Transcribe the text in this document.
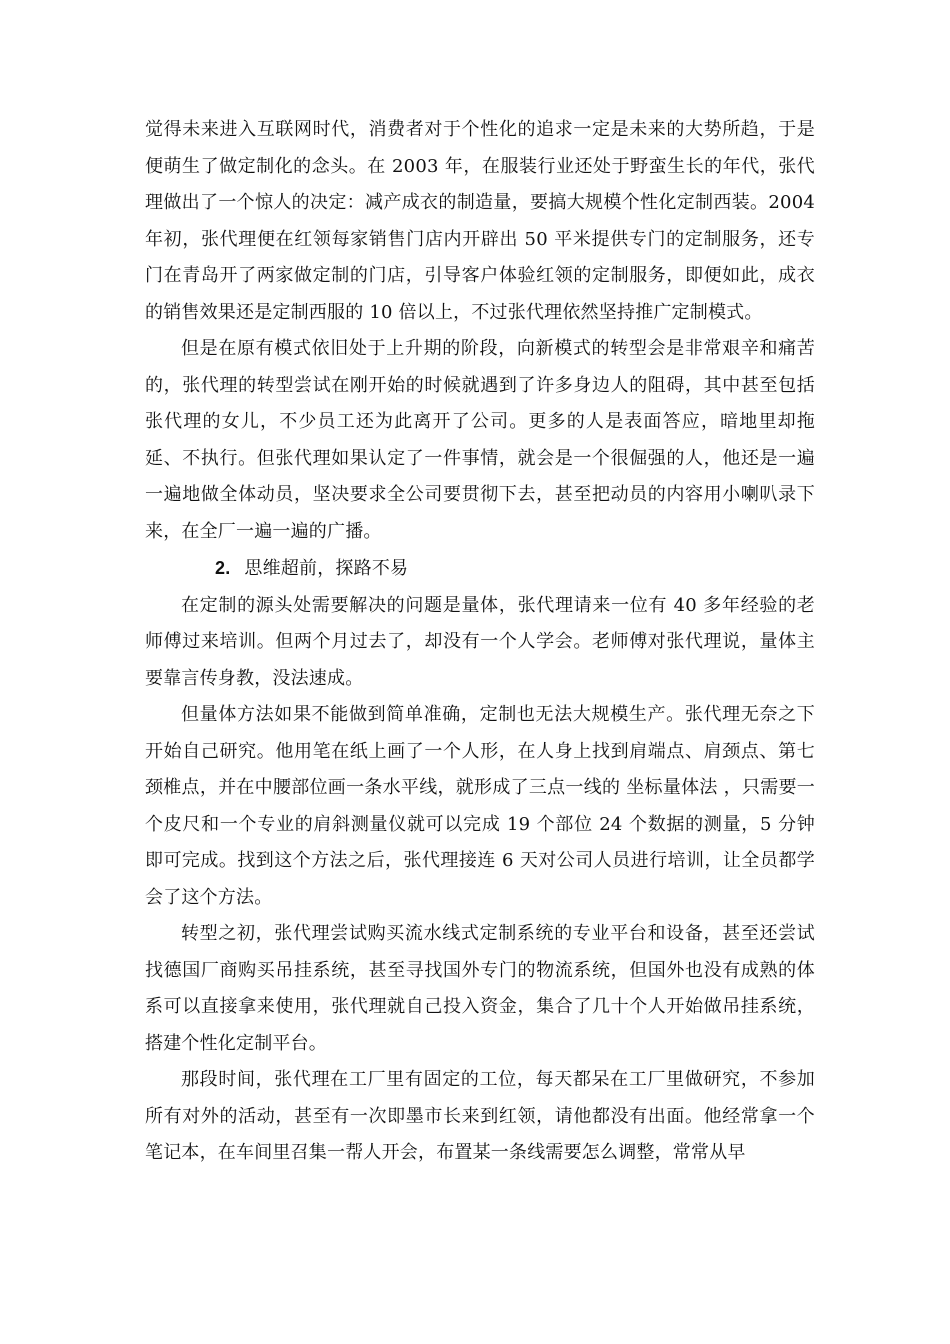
觉得未来进入互联网时代，消费者对于个性化的追求一定是未来的大势所趋，于是便萌生了做定制化的念头。在 2003 年，在服装行业还处于野蛮生长的年代，张代理做出了一个惊人的决定：减产成衣的制造量，要搞大规模个性化定制西装。2004 年初，张代理便在红领每家销售门店内开辟出 50 平米提供专门的定制服务，还专门在青岛开了两家做定制的门店，引导客户体验红领的定制服务，即便如此，成衣的销售效果还是定制西服的 10 倍以上，不过张代理依然坚持推广定制模式。

但是在原有模式依旧处于上升期的阶段，向新模式的转型会是非常艰辛和痛苦的，张代理的转型尝试在刚开始的时候就遇到了许多身边人的阻碍，其中甚至包括张代理的女儿，不少员工还为此离开了公司。更多的人是表面答应，暗地里却拖延、不执行。但张代理如果认定了一件事情，就会是一个很倔强的人，他还是一遍一遍地做全体动员，坚决要求全公司要贯彻下去，甚至把动员的内容用小喇叭录下来，在全厂一遍一遍的广播。

2. 思维超前，探路不易

在定制的源头处需要解决的问题是量体，张代理请来一位有 40 多年经验的老师傅过来培训。但两个月过去了，却没有一个人学会。老师傅对张代理说，量体主要靠言传身教，没法速成。

但量体方法如果不能做到简单准确，定制也无法大规模生产。张代理无奈之下开始自己研究。他用笔在纸上画了一个人形，在人身上找到肩端点、肩颈点、第七颈椎点，并在中腰部位画一条水平线，就形成了三点一线的 坐标量体法 ，只需要一个皮尺和一个专业的肩斜测量仪就可以完成 19 个部位 24 个数据的测量，5 分钟即可完成。找到这个方法之后，张代理接连 6 天对公司人员进行培训，让全员都学会了这个方法。

转型之初，张代理尝试购买流水线式定制系统的专业平台和设备，甚至还尝试找德国厂商购买吊挂系统，甚至寻找国外专门的物流系统，但国外也没有成熟的体系可以直接拿来使用，张代理就自己投入资金，集合了几十个人开始做吊挂系统，搭建个性化定制平台。

那段时间，张代理在工厂里有固定的工位，每天都呆在工厂里做研究，不参加所有对外的活动，甚至有一次即墨市长来到红领，请他都没有出面。他经常拿一个笔记本，在车间里召集一帮人开会，布置某一条线需要怎么调整，常常从早
